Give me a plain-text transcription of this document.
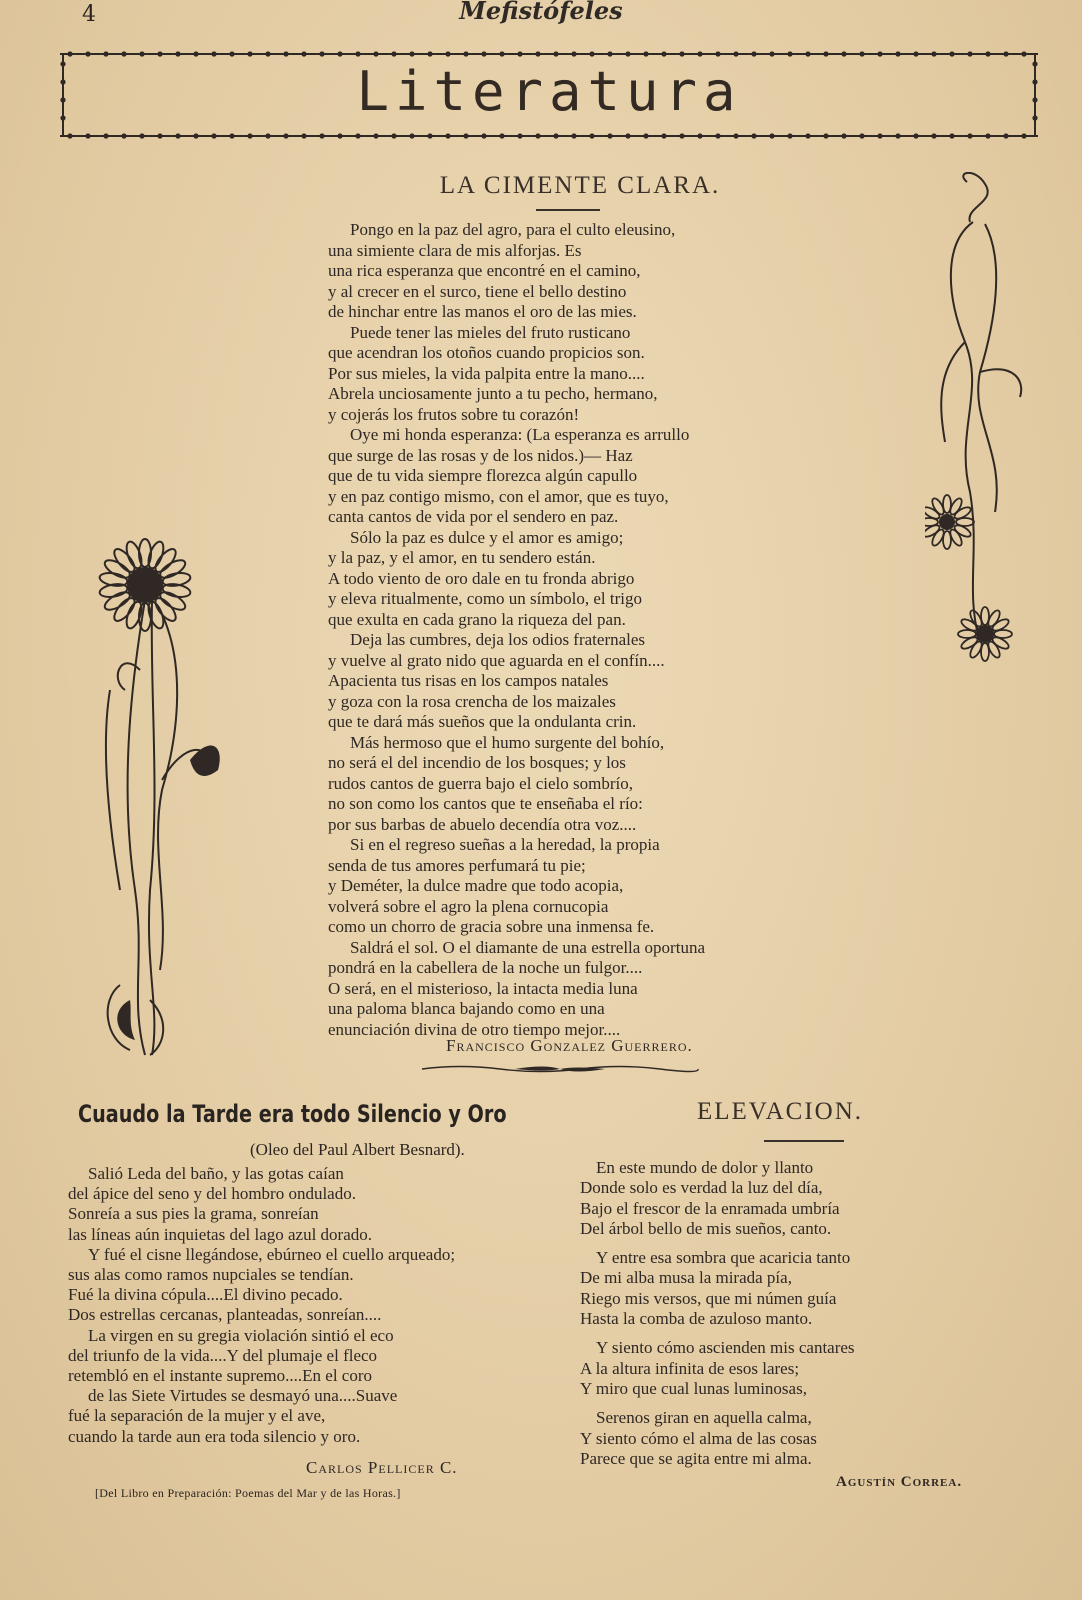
4	Mefistófeles
Literatura
LA CIMENTE CLARA.
Pongo en la paz del agro, para el culto eleusino,
una simiente clara de mis alforjas. Es
una rica esperanza que encontré en el camino,
y al crecer en el surco, tiene el bello destino
de hinchar entre las manos el oro de las mies.
Puede tener las mieles del fruto rusticano
que acendran los otoños cuando propicios son.
Por sus mieles, la vida palpita entre la mano....
Abrela unciosamente junto a tu pecho, hermano,
y cojerás los frutos sobre tu corazón!
Oye mi honda esperanza: (La esperanza es arrullo
que surge de las rosas y de los nidos.)— Haz
que de tu vida siempre florezca algún capullo
y en paz contigo mismo, con el amor, que es tuyo,
canta cantos de vida por el sendero en paz.
Sólo la paz es dulce y el amor es amigo;
y la paz, y el amor, en tu sendero están.
A todo viento de oro dale en tu fronda abrigo
y eleva ritualmente, como un símbolo, el trigo
que exulta en cada grano la riqueza del pan.
Deja las cumbres, deja los odios fraternales
y vuelve al grato nido que aguarda en el confín....
Apacienta tus risas en los campos natales
y goza con la rosa crencha de los maizales
que te dará más sueños que la ondulanta crin.
Más hermoso que el humo surgente del bohío,
no será el del incendio de los bosques; y los
rudos cantos de guerra bajo el cielo sombrío,
no son como los cantos que te enseñaba el río:
por sus barbas de abuelo decendía otra voz....
Si en el regreso sueñas a la heredad, la propia
senda de tus amores perfumará tu pie;
y Deméter, la dulce madre que todo acopia,
volverá sobre el agro la plena cornucopia
como un chorro de gracia sobre una inmensa fe.
Saldrá el sol. O el diamante de una estrella oportuna
pondrá en la cabellera de la noche un fulgor....
O será, en el misterioso, la intacta media luna
una paloma blanca bajando como en una
enunciación divina de otro tiempo mejor....
Francisco Gonzalez Guerrero.
Cuaudo la Tarde era todo Silencio y Oro
(Oleo del Paul Albert Besnard).
Salió Leda del baño, y las gotas caían
del ápice del seno y del hombro ondulado.
Sonreía a sus pies la grama, sonreían
las líneas aún inquietas del lago azul dorado.
Y fué el cisne llegándose, ebúrneo el cuello arqueado;
sus alas como ramos nupciales se tendían.
Fué la divina cópula....El divino pecado.
Dos estrellas cercanas, planteadas, sonreían....
La virgen en su gregia violación sintió el eco
del triunfo de la vida....Y del plumaje el fleco
retembló en el instante supremo....En el coro
de las Siete Virtudes se desmayó una....Suave
fué la separación de la mujer y el ave,
cuando la tarde aun era toda silencio y oro.
Carlos Pellicer C.
[Del Libro en Preparación: Poemas del Mar y de las Horas.]
ELEVACION.
En este mundo de dolor y llanto
Donde solo es verdad la luz del día,
Bajo el frescor de la enramada umbría
Del árbol bello de mis sueños, canto.
Y entre esa sombra que acaricia tanto
De mi alba musa la mirada pía,
Riego mis versos, que mi númen guía
Hasta la comba de azuloso manto.
Y siento cómo ascienden mis cantares
A la altura infinita de esos lares;
Y miro que cual lunas luminosas,
Serenos giran en aquella calma,
Y siento cómo el alma de las cosas
Parece que se agita entre mi alma.
Agustín Correa.
